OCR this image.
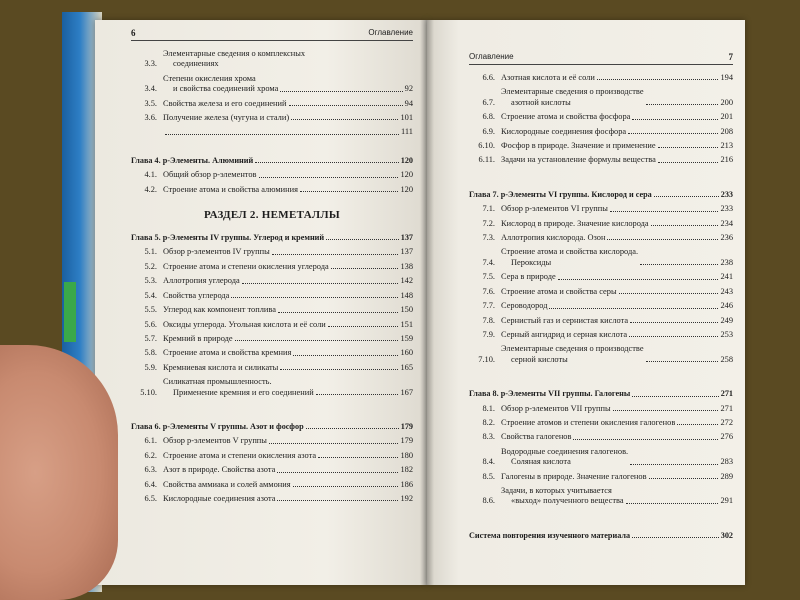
6	Оглавление
3.3.
Элементарные сведения о комплексных
соединениях
3.4.
Степени окисления хрома
и свойства соединений хрома	92
3.5. Свойства железа и его соединений	94
3.6. Получение железа (чугуна и стали)	101
111
Глава 4. p-Элементы. Алюминий	120
4.1. Общий обзор p-элементов	120
4.2. Строение атома и свойства алюминия	120
РАЗДЕЛ 2. НЕМЕТАЛЛЫ
Глава 5. p-Элементы IV группы. Углерод и кремний	137
5.1. Обзор p-элементов IV группы	137
5.2. Строение атома и степени окисления углерода	138
5.3. Аллотропия углерода	142
5.4. Свойства углерода	148
5.5. Углерод как компонент топлива	150
5.6. Оксиды углерода. Угольная кислота и её соли	151
5.7. Кремний в природе	159
5.8. Строение атома и свойства кремния	160
5.9. Кремниевая кислота и силикаты	165
5.10.
Силикатная промышленность.
Применение кремния и его соединений	167
Глава 6. p-Элементы V группы. Азот и фосфор	179
6.1. Обзор p-элементов V группы	179
6.2. Строение атома и степени окисления азота	180
6.3. Азот в природе. Свойства азота	182
6.4. Свойства аммиака и солей аммония	186
6.5. Кислородные соединения азота	192
Оглавление	7
6.6. Азотная кислота и её соли	194
6.7.
Элементарные сведения о производстве
азотной кислоты	200
6.8. Строение атома и свойства фосфора	201
6.9. Кислородные соединения фосфора	208
6.10. Фосфор в природе. Значение и применение	213
6.11. Задачи на установление формулы вещества	216
Глава 7. p-Элементы VI группы. Кислород и сера	233
7.1. Обзор p-элементов VI группы	233
7.2. Кислород в природе. Значение кислорода	234
7.3. Аллотропия кислорода. Озон	236
7.4.
Строение атома и свойства кислорода.
Пероксиды	238
7.5. Сера в природе	241
7.6. Строение атома и свойства серы	243
7.7. Сероводород	246
7.8. Сернистый газ и сернистая кислота	249
7.9. Серный ангидрид и серная кислота	253
7.10.
Элементарные сведения о производстве
серной кислоты	258
Глава 8. p-Элементы VII группы. Галогены	271
8.1. Обзор p-элементов VII группы	271
8.2. Строение атомов и степени окисления галогенов	272
8.3. Свойства галогенов	276
8.4.
Водородные соединения галогенов.
Соляная кислота	283
8.5. Галогены в природе. Значение галогенов	289
8.6.
Задачи, в которых учитывается
«выход» полученного вещества	291
Система повторения изученного материала	302
